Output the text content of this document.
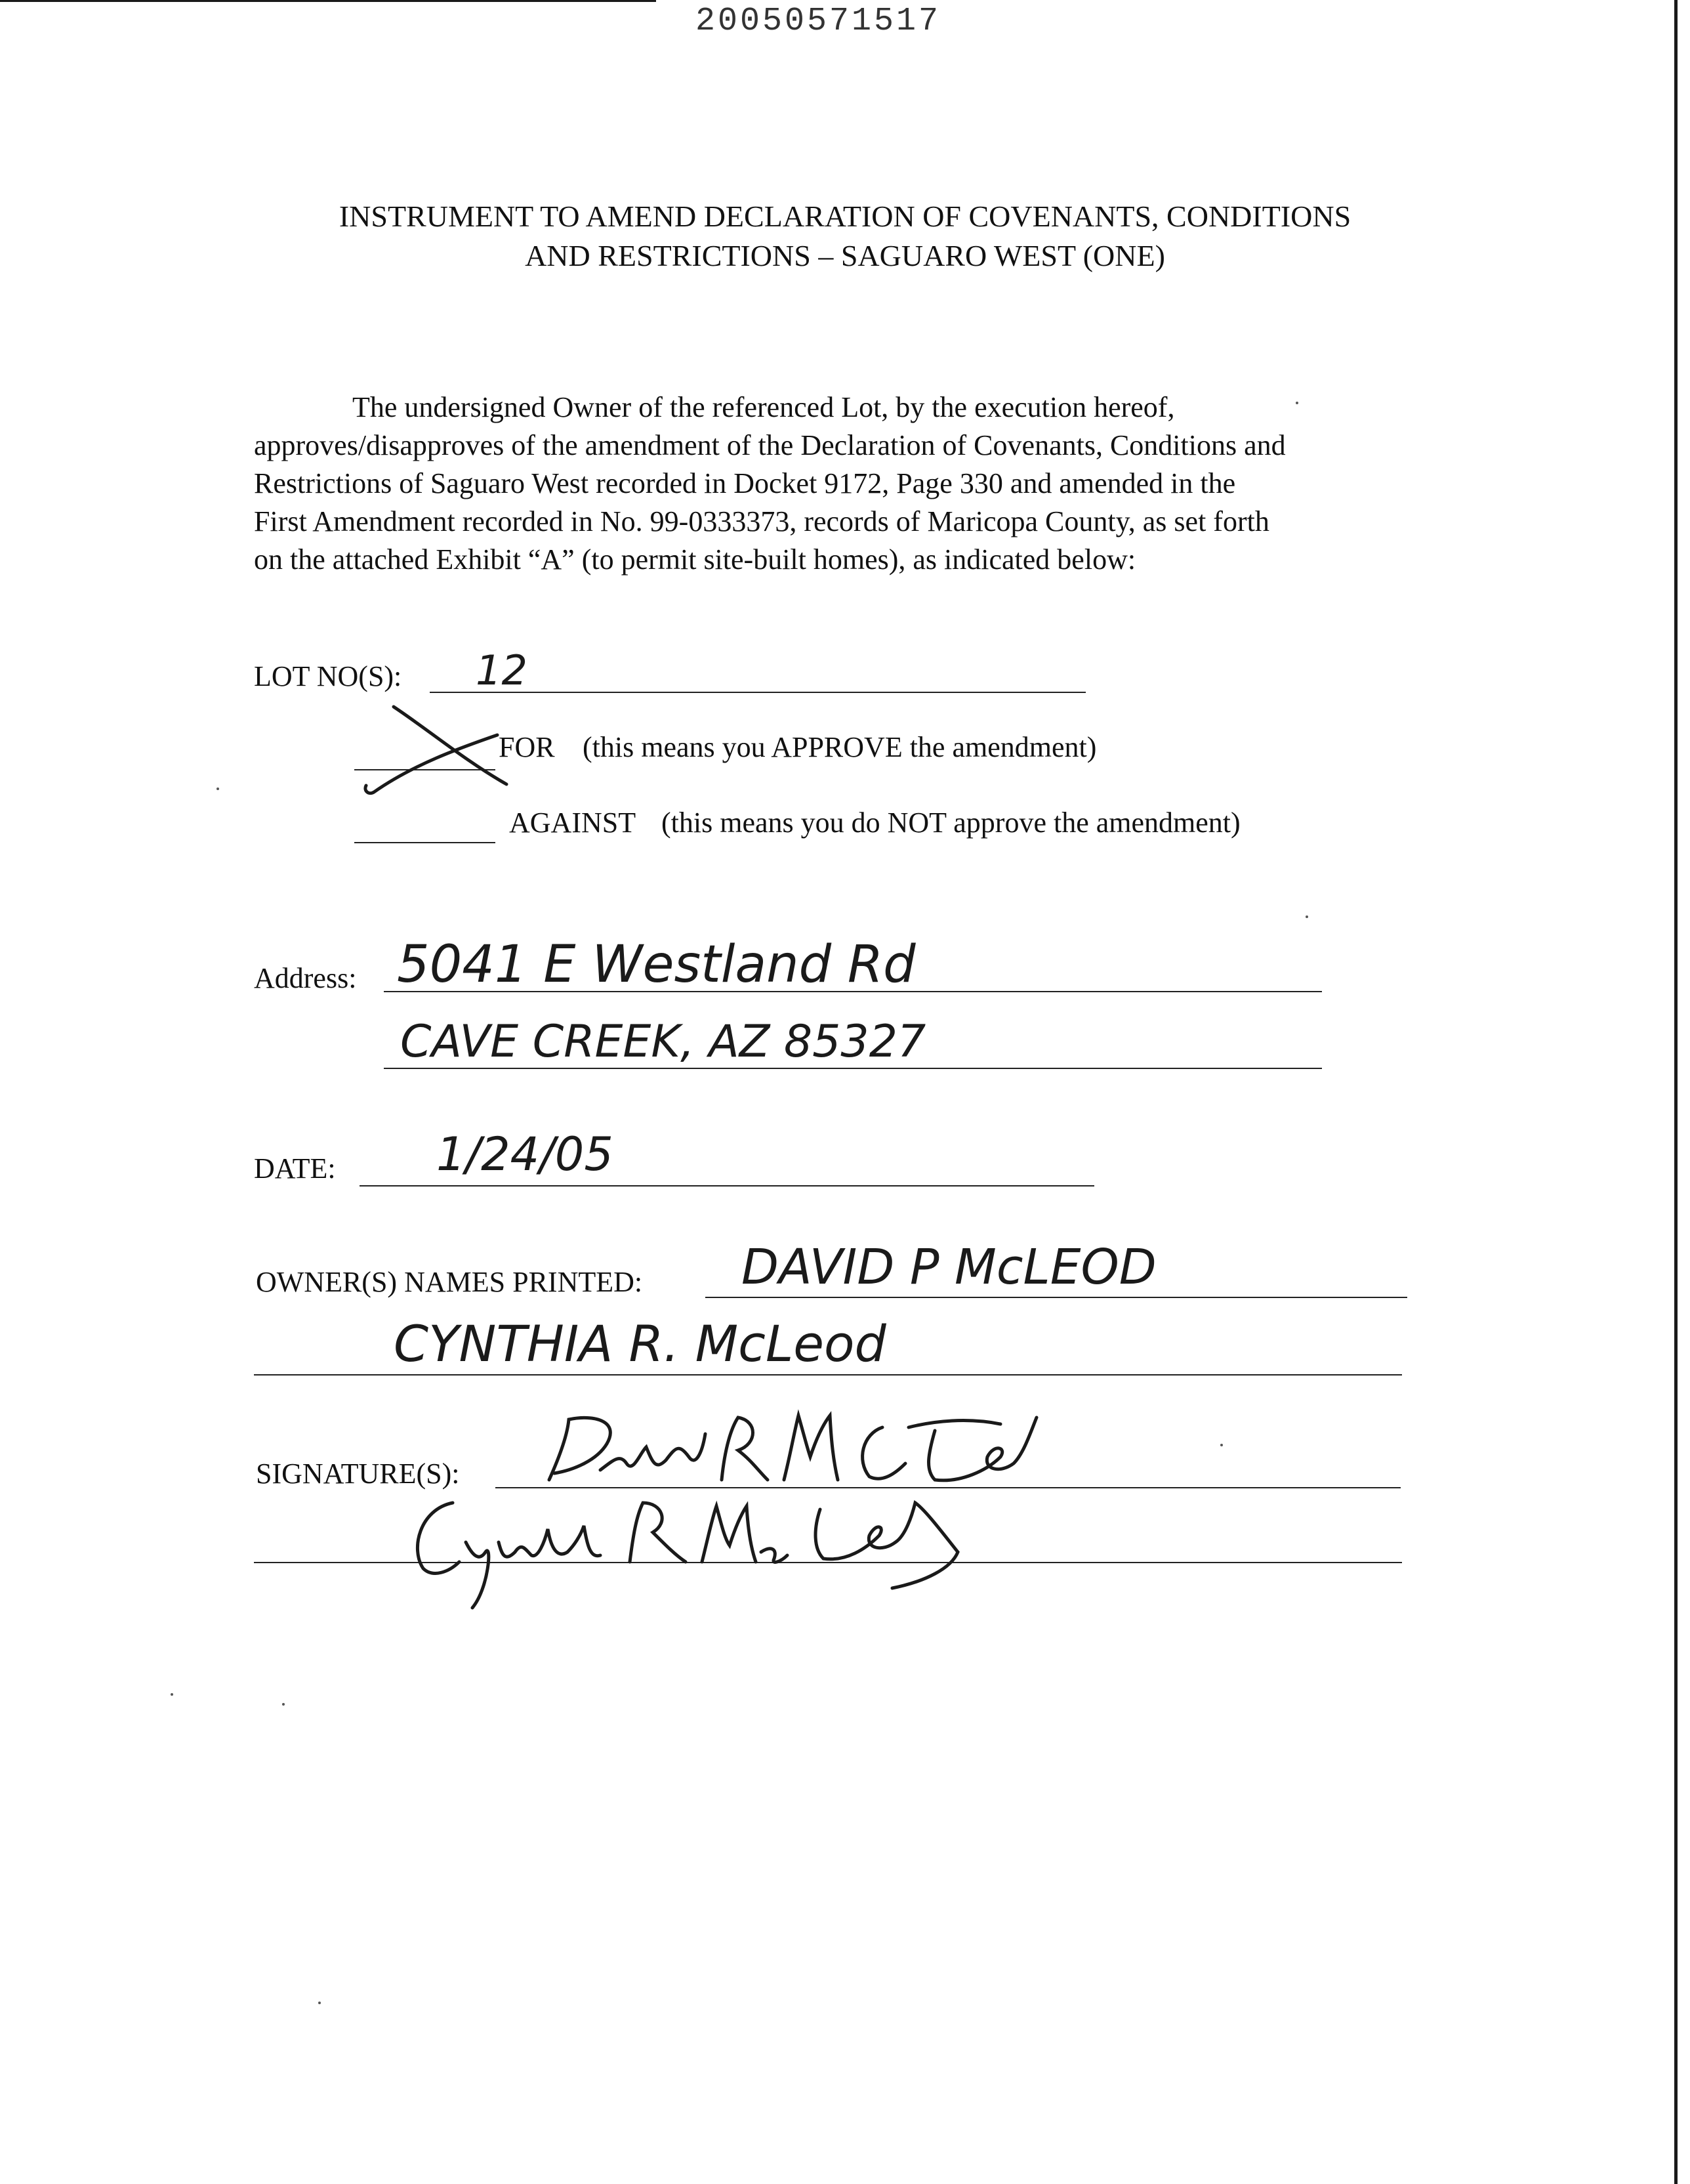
20050571517
INSTRUMENT TO AMEND DECLARATION OF COVENANTS, CONDITIONS
AND RESTRICTIONS – SAGUARO WEST (ONE)
The undersigned Owner of the referenced Lot, by the execution hereof,
approves/disapproves of the amendment of the Declaration of Covenants, Conditions and
Restrictions of Saguaro West recorded in Docket 9172, Page 330 and amended in the
First Amendment recorded in No. 99-0333373, records of Maricopa County, as set forth
on the attached Exhibit “A” (to permit site-built homes), as indicated below:
LOT NO(S): 12
FOR (this means you APPROVE the amendment)
AGAINST (this means you do NOT approve the amendment)
Address: 5041 E Westland Rd
CAVE CREEK, AZ 85327
DATE: 1/24/05
OWNER(S) NAMES PRINTED: DAVID P McLEOD
CYNTHIA R. McLeod
SIGNATURE(S):
